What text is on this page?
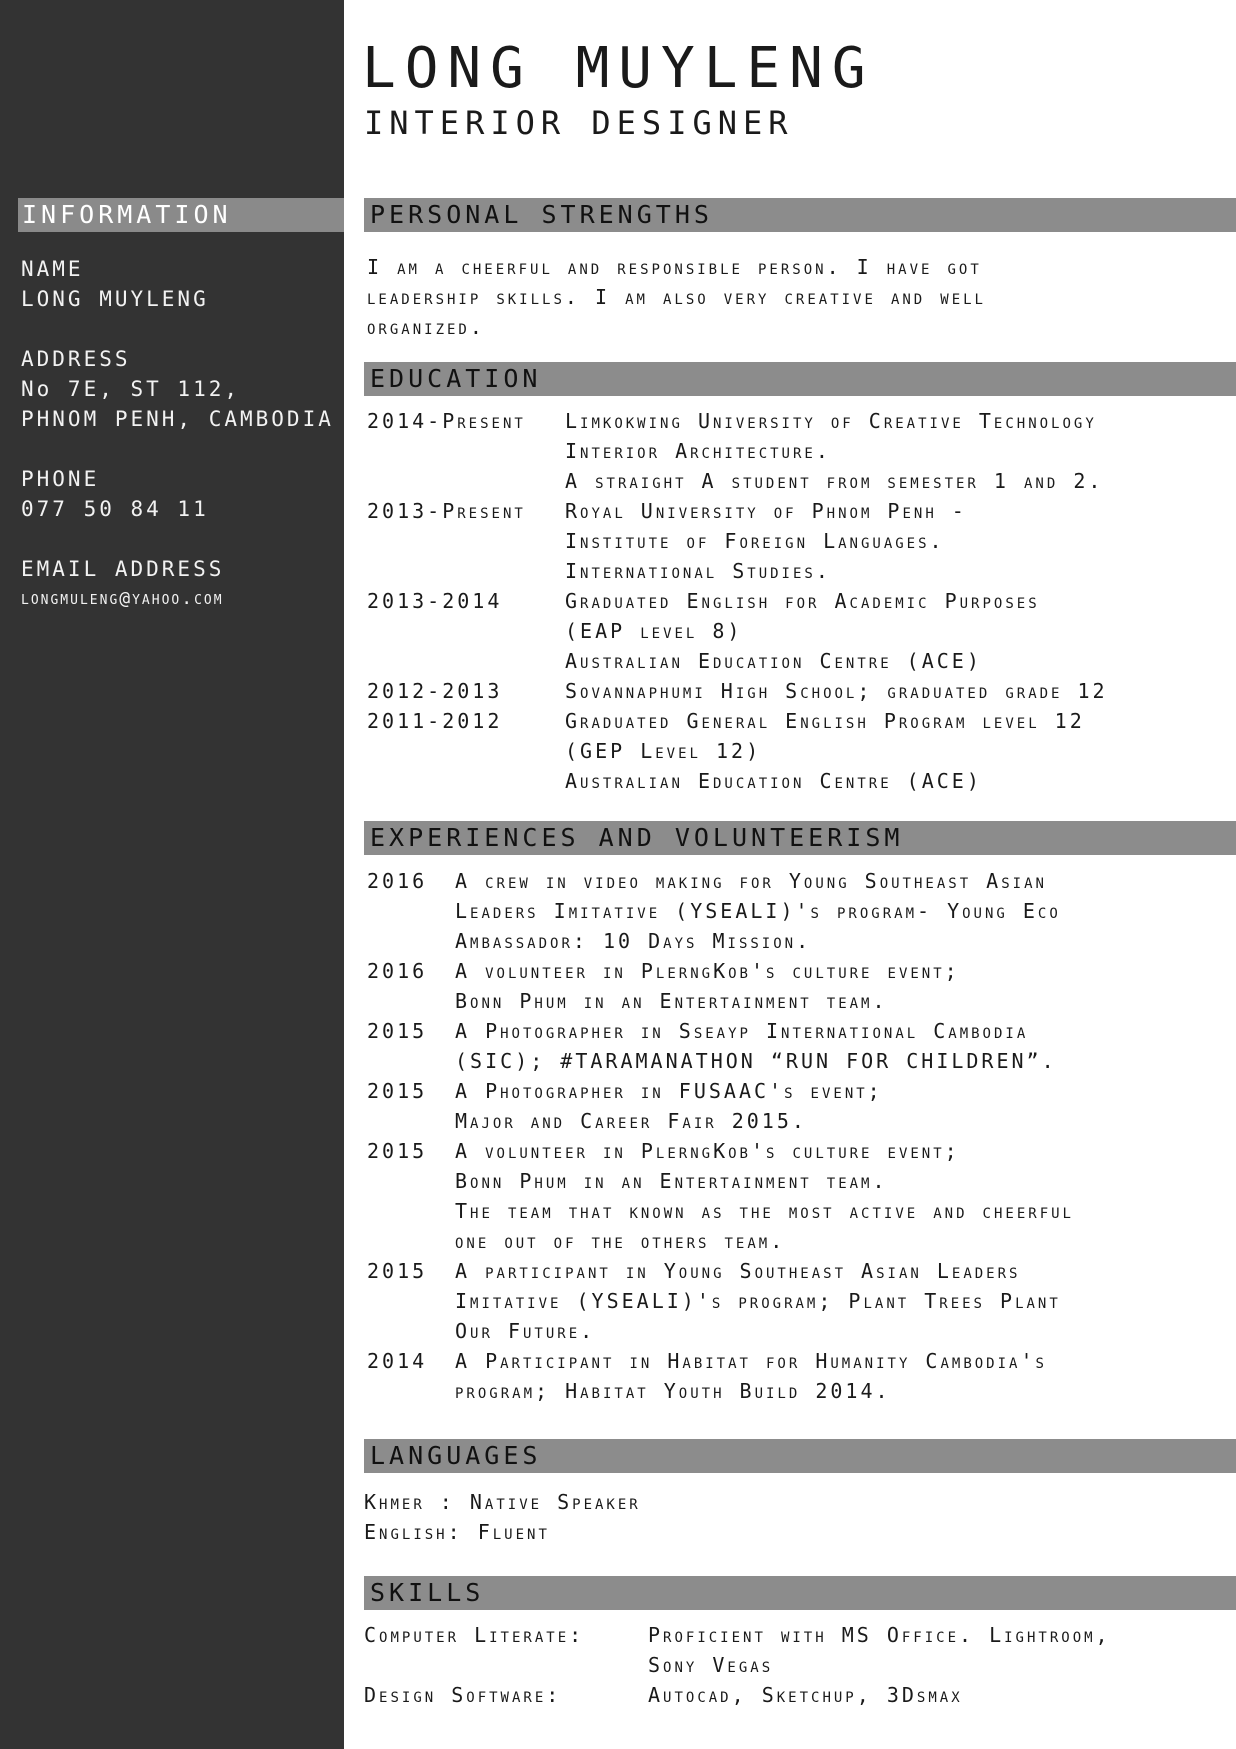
INFORMATION
NAME
LONG MUYLENG
ADDRESS
No 7E, ST 112,
PHNOM PENH, CAMBODIA
PHONE
077 50 84 11
EMAIL ADDRESS
longmuleng@yahoo.com
LONG MUYLENG
INTERIOR DESIGNER
PERSONAL STRENGTHS
I am a cheerful and responsible person. I have got
leadership skills. I am also very creative and well
organized.
EDUCATION
2014-Present	Limkokwing University of Creative Technology
Interior Architecture.
A straight A student from semester 1 and 2.
2013-Present	Royal University of Phnom Penh -
Institute of Foreign Languages.
International Studies.
2013-2014	Graduated English for Academic Purposes
(EAP level 8)
Australian Education Centre (ACE)
2012-2013	Sovannaphumi High School; graduated grade 12
2011-2012	Graduated General English Program level 12
(GEP Level 12)
Australian Education Centre (ACE)
EXPERIENCES AND VOLUNTEERISM
2016	A crew in video making for Young Southeast Asian
Leaders Imitative (YSEALI)'s program- Young Eco
Ambassador: 10 Days Mission.
2016	A volunteer in PlerngKob's culture event;
Bonn Phum in an Entertainment team.
2015	A Photographer in Sseayp International Cambodia
(SIC); #TARAMANATHON “RUN FOR CHILDREN”.
2015	A Photographer in FUSAAC's event;
Major and Career Fair 2015.
2015	A volunteer in PlerngKob's culture event;
Bonn Phum in an Entertainment team.
The team that known as the most active and cheerful
one out of the others team.
2015	A participant in Young Southeast Asian Leaders
Imitative (YSEALI)'s program; Plant Trees Plant
Our Future.
2014	A Participant in Habitat for Humanity Cambodia's
program; Habitat Youth Build 2014.
LANGUAGES
Khmer : Native Speaker
English: Fluent
SKILLS
Computer Literate:	Proficient with MS Office. Lightroom,
Sony Vegas
Design Software:	Autocad, Sketchup, 3Dsmax
